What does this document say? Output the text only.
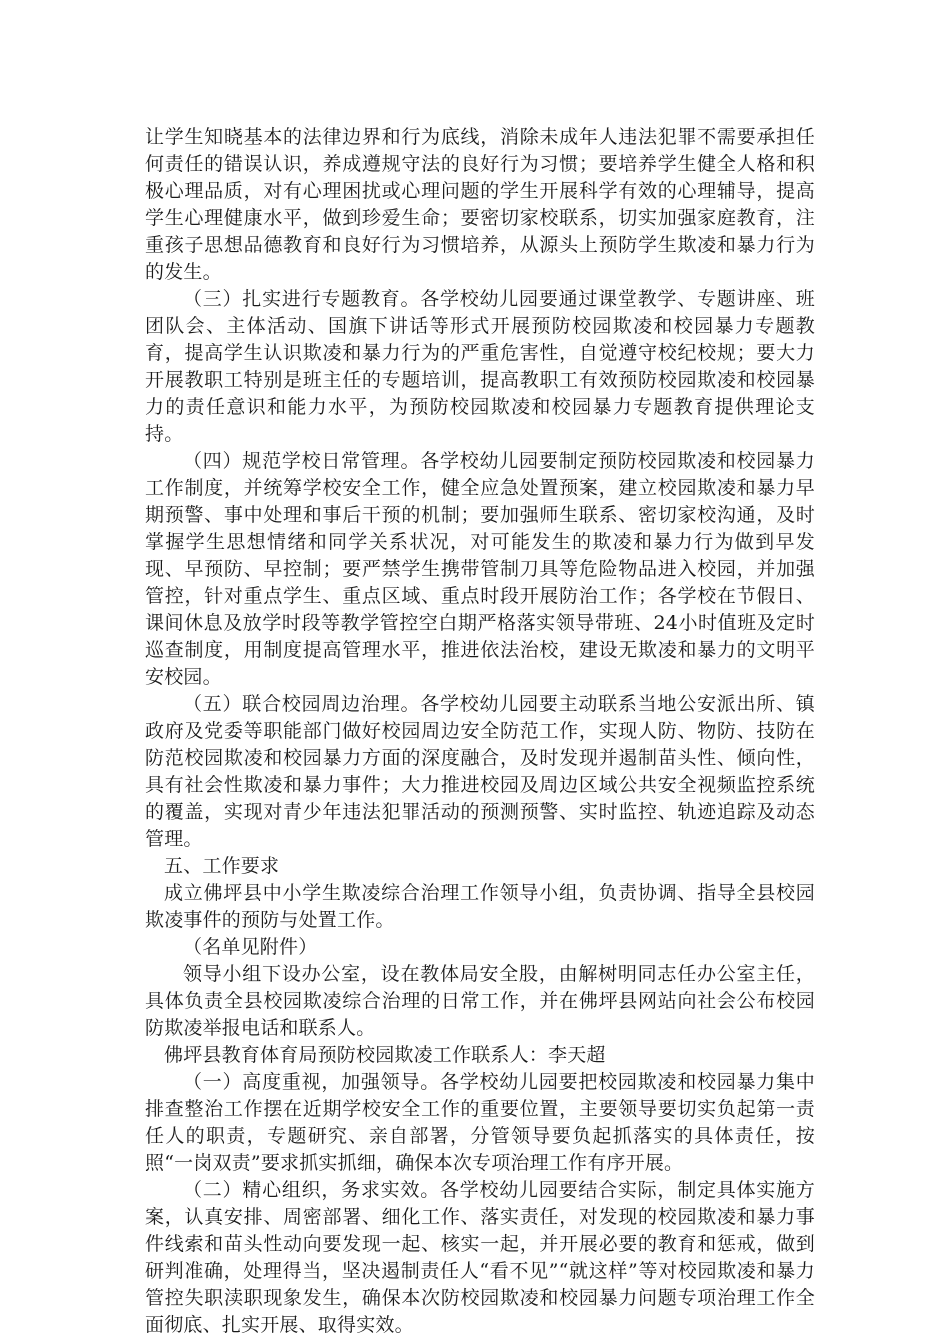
让学生知晓基本的法律边界和行为底线，消除未成年人违法犯罪不需要承担任何责任的错误认识，养成遵规守法的良好行为习惯；要培养学生健全人格和积极心理品质，对有心理困扰或心理问题的学生开展科学有效的心理辅导，提高学生心理健康水平，做到珍爱生命；要密切家校联系，切实加强家庭教育，注重孩子思想品德教育和良好行为习惯培养，从源头上预防学生欺凌和暴力行为的发生。

（三）扎实进行专题教育。各学校幼儿园要通过课堂教学、专题讲座、班团队会、主体活动、国旗下讲话等形式开展预防校园欺凌和校园暴力专题教育，提高学生认识欺凌和暴力行为的严重危害性，自觉遵守校纪校规；要大力开展教职工特别是班主任的专题培训，提高教职工有效预防校园欺凌和校园暴力的责任意识和能力水平，为预防校园欺凌和校园暴力专题教育提供理论支持。

（四）规范学校日常管理。各学校幼儿园要制定预防校园欺凌和校园暴力工作制度，并统筹学校安全工作，健全应急处置预案，建立校园欺凌和暴力早期预警、事中处理和事后干预的机制；要加强师生联系、密切家校沟通，及时掌握学生思想情绪和同学关系状况，对可能发生的欺凌和暴力行为做到早发现、早预防、早控制；要严禁学生携带管制刀具等危险物品进入校园，并加强管控，针对重点学生、重点区域、重点时段开展防治工作；各学校在节假日、课间休息及放学时段等教学管控空白期严格落实领导带班、24小时值班及定时巡查制度，用制度提高管理水平，推进依法治校，建设无欺凌和暴力的文明平安校园。

（五）联合校园周边治理。各学校幼儿园要主动联系当地公安派出所、镇政府及党委等职能部门做好校园周边安全防范工作，实现人防、物防、技防在防范校园欺凌和校园暴力方面的深度融合，及时发现并遏制苗头性、倾向性，具有社会性欺凌和暴力事件；大力推进校园及周边区域公共安全视频监控系统的覆盖，实现对青少年违法犯罪活动的预测预警、实时监控、轨迹追踪及动态管理。

五、工作要求

成立佛坪县中小学生欺凌综合治理工作领导小组，负责协调、指导全县校园欺凌事件的预防与处置工作。

（名单见附件）

领导小组下设办公室，设在教体局安全股，由解树明同志任办公室主任，具体负责全县校园欺凌综合治理的日常工作，并在佛坪县网站向社会公布校园防欺凌举报电话和联系人。

佛坪县教育体育局预防校园欺凌工作联系人：李天超

（一）高度重视，加强领导。各学校幼儿园要把校园欺凌和校园暴力集中排查整治工作摆在近期学校安全工作的重要位置，主要领导要切实负起第一责任人的职责，专题研究、亲自部署，分管领导要负起抓落实的具体责任，按照“一岗双责”要求抓实抓细，确保本次专项治理工作有序开展。

（二）精心组织，务求实效。各学校幼儿园要结合实际，制定具体实施方案，认真安排、周密部署、细化工作、落实责任，对发现的校园欺凌和暴力事件线索和苗头性动向要发现一起、核实一起，并开展必要的教育和惩戒，做到研判准确，处理得当，坚决遏制责任人“看不见”“就这样”等对校园欺凌和暴力管控失职渎职现象发生，确保本次防校园欺凌和校园暴力问题专项治理工作全面彻底、扎实开展、取得实效。
